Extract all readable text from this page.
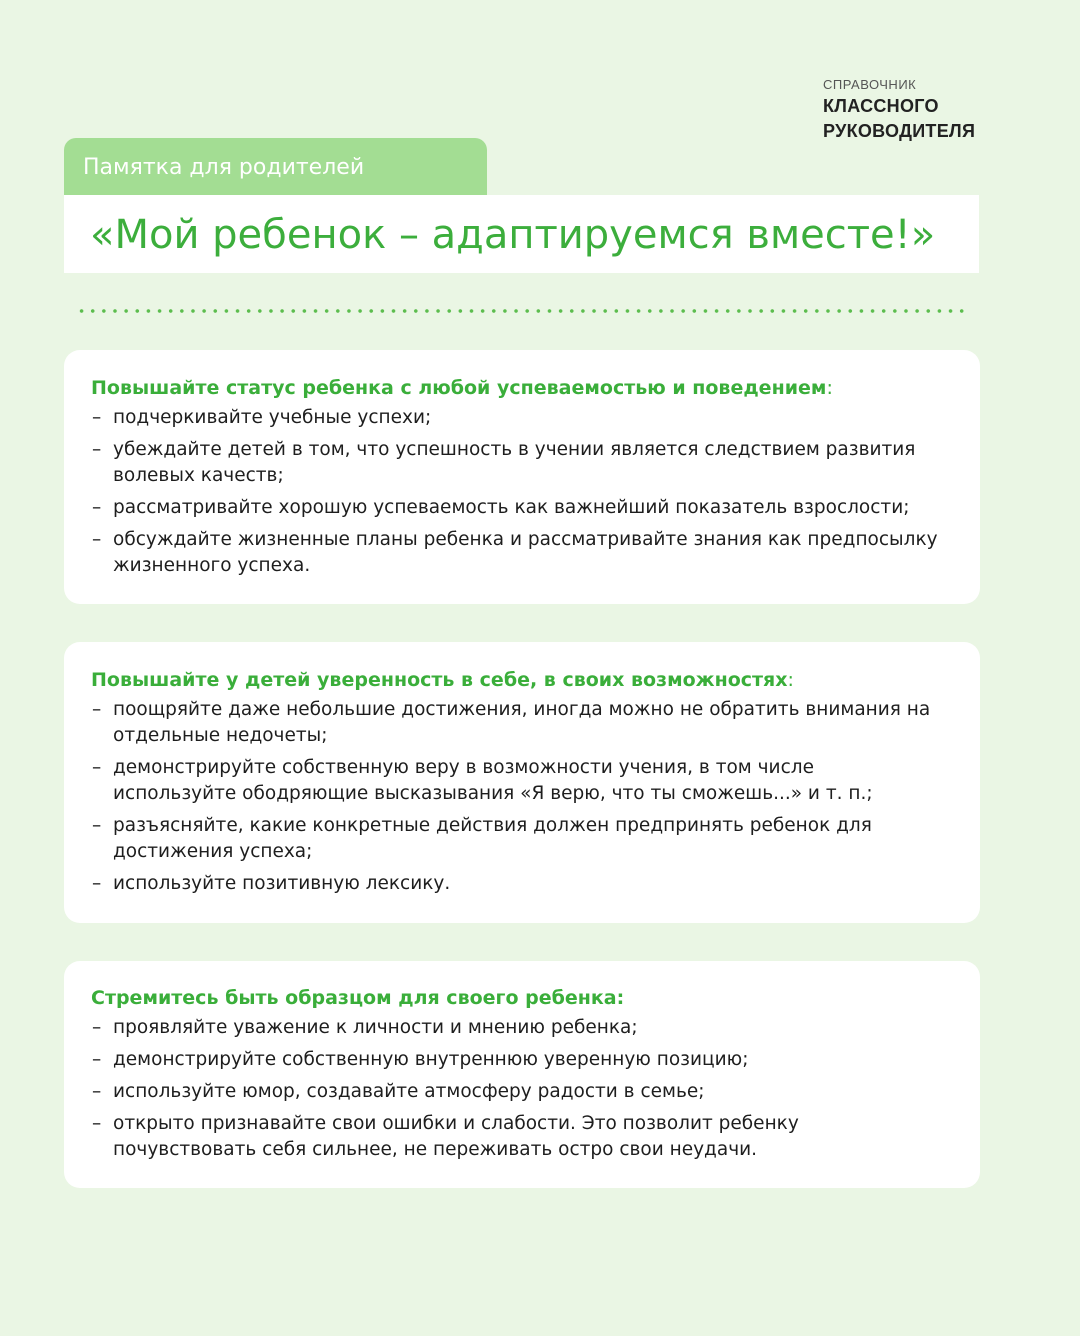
СПРАВОЧНИК
КЛАССНОГО
РУКОВОДИТЕЛЯ
Памятка для родителей
«Мой ребенок – адаптируемся вместе!»
Повышайте статус ребенка с любой успеваемостью и поведением:
– подчеркивайте учебные успехи;
– убеждайте детей в том, что успешность в учении является следствием развития волевых качеств;
– рассматривайте хорошую успеваемость как важнейший показатель взрослости;
– обсуждайте жизненные планы ребенка и рассматривайте знания как предпосылку жизненного успеха.
Повышайте у детей уверенность в себе, в своих возможностях:
– поощряйте даже небольшие достижения, иногда можно не обратить внимания на отдельные недочеты;
– демонстрируйте собственную веру в возможности учения, в том числе используйте ободряющие высказывания «Я верю, что ты сможешь...» и т. п.;
– разъясняйте, какие конкретные действия должен предпринять ребенок для достижения успеха;
– используйте позитивную лексику.
Стремитесь быть образцом для своего ребенка:
– проявляйте уважение к личности и мнению ребенка;
– демонстрируйте собственную внутреннюю уверенную позицию;
– используйте юмор, создавайте атмосферу радости в семье;
– открыто признавайте свои ошибки и слабости. Это позволит ребенку почувствовать себя сильнее, не переживать остро свои неудачи.
